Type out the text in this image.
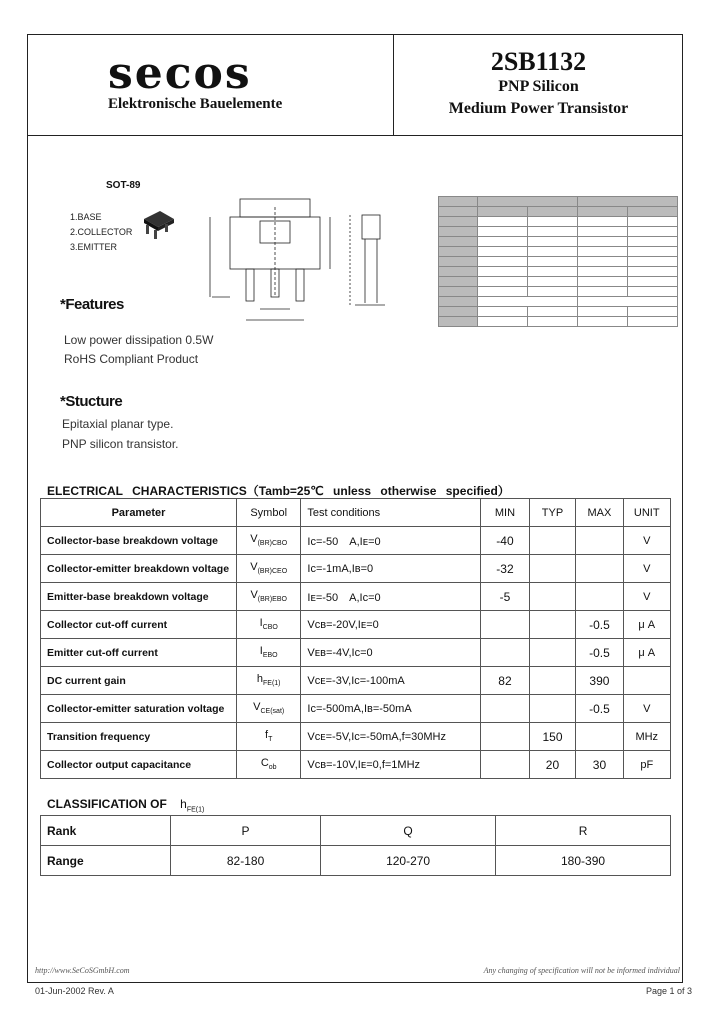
secos
Elektronische Bauelemente
2SB1132
PNP Silicon
Medium Power Transistor
SOT-89
1.BASE
2.COLLECTOR
3.EMITTER

*Features
Low power dissipation 0.5W
RoHS Compliant Product
*Stucture
Epitaxial planar type.
PNP silicon transistor.
ELECTRICAL CHARACTERISTICS（Tamb=25℃ unless otherwise specified）
Parameter	Symbol	Test conditions	MIN	TYP	MAX	UNIT
Collector-base breakdown voltage	$V_{(BR)CBO}$	Iᴄ=-50　A,Iᴇ=0	-40			V
Collector-emitter breakdown voltage	$V_{(BR)CEO}$	Iᴄ=-1mA,Iʙ=0	-32			V
Emitter-base breakdown voltage	$V_{(BR)EBO}$	Iᴇ=-50　A,Iᴄ=0	-5			V
Collector cut-off current	$I_{CBO}$	Vᴄʙ=-20V,Iᴇ=0			-0.5	μ A
Emitter cut-off current	$I_{EBO}$	Vᴇʙ=-4V,Iᴄ=0			-0.5	μ A
DC current gain	$h_{FE(1)}$	Vᴄᴇ=-3V,Iᴄ=-100mA	82		390	
Collector-emitter saturation voltage	$V_{CE(sat)}$	Iᴄ=-500mA,Iʙ=-50mA			-0.5	V
Transition frequency	$f_T$	Vᴄᴇ=-5V,Iᴄ=-50mA,f=30MHz		150		MHz
Collector output capacitance	$C_{ob}$	Vᴄʙ=-10V,Iᴇ=0,f=1MHz		20	30	pF
CLASSIFICATION OF $h_{FE(1)}$
Rank	P	Q	R
Range	82-180	120-270	180-390
http://www.SeCoSGmbH.com	Any changing of specification will not be informed individual
01-Jun-2002 Rev. A	Page 1 of 3
